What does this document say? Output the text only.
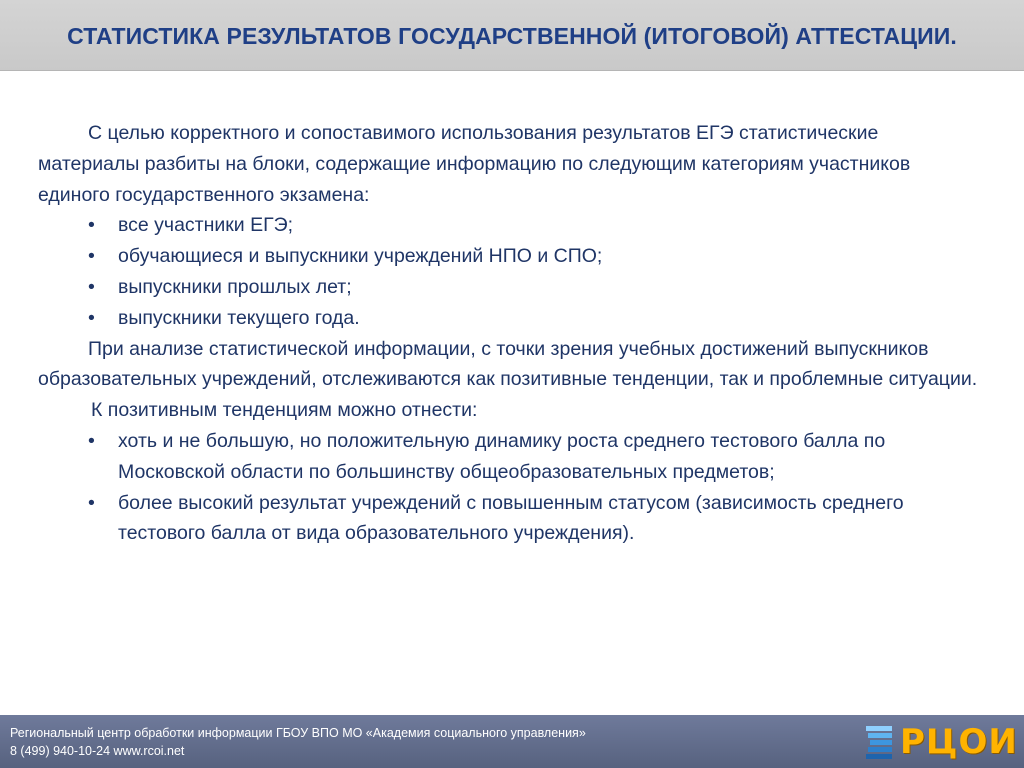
СТАТИСТИКА РЕЗУЛЬТАТОВ ГОСУДАРСТВЕННОЙ (ИТОГОВОЙ) АТТЕСТАЦИИ.

С целью корректного и сопоставимого использования результатов ЕГЭ статистические материалы разбиты на блоки, содержащие информацию по следующим категориям участников единого государственного экзамена:

• все участники ЕГЭ;
• обучающиеся и выпускники учреждений НПО и СПО;
• выпускники прошлых лет;
• выпускники текущего года.

При анализе статистической информации, с точки зрения учебных достижений выпускников образовательных учреждений, отслеживаются как позитивные тенденции, так и проблемные ситуации.

К позитивным тенденциям можно отнести:

• хоть и не большую, но положительную динамику роста среднего тестового балла по Московской области по большинству общеобразовательных предметов;
• более высокий результат учреждений с повышенным статусом (зависимость среднего тестового балла от вида образовательного учреждения).
Региональный центр обработки информации ГБОУ ВПО МО «Академия социального управления»
8 (499) 940-10-24 www.rcoi.net	РЦОИ
